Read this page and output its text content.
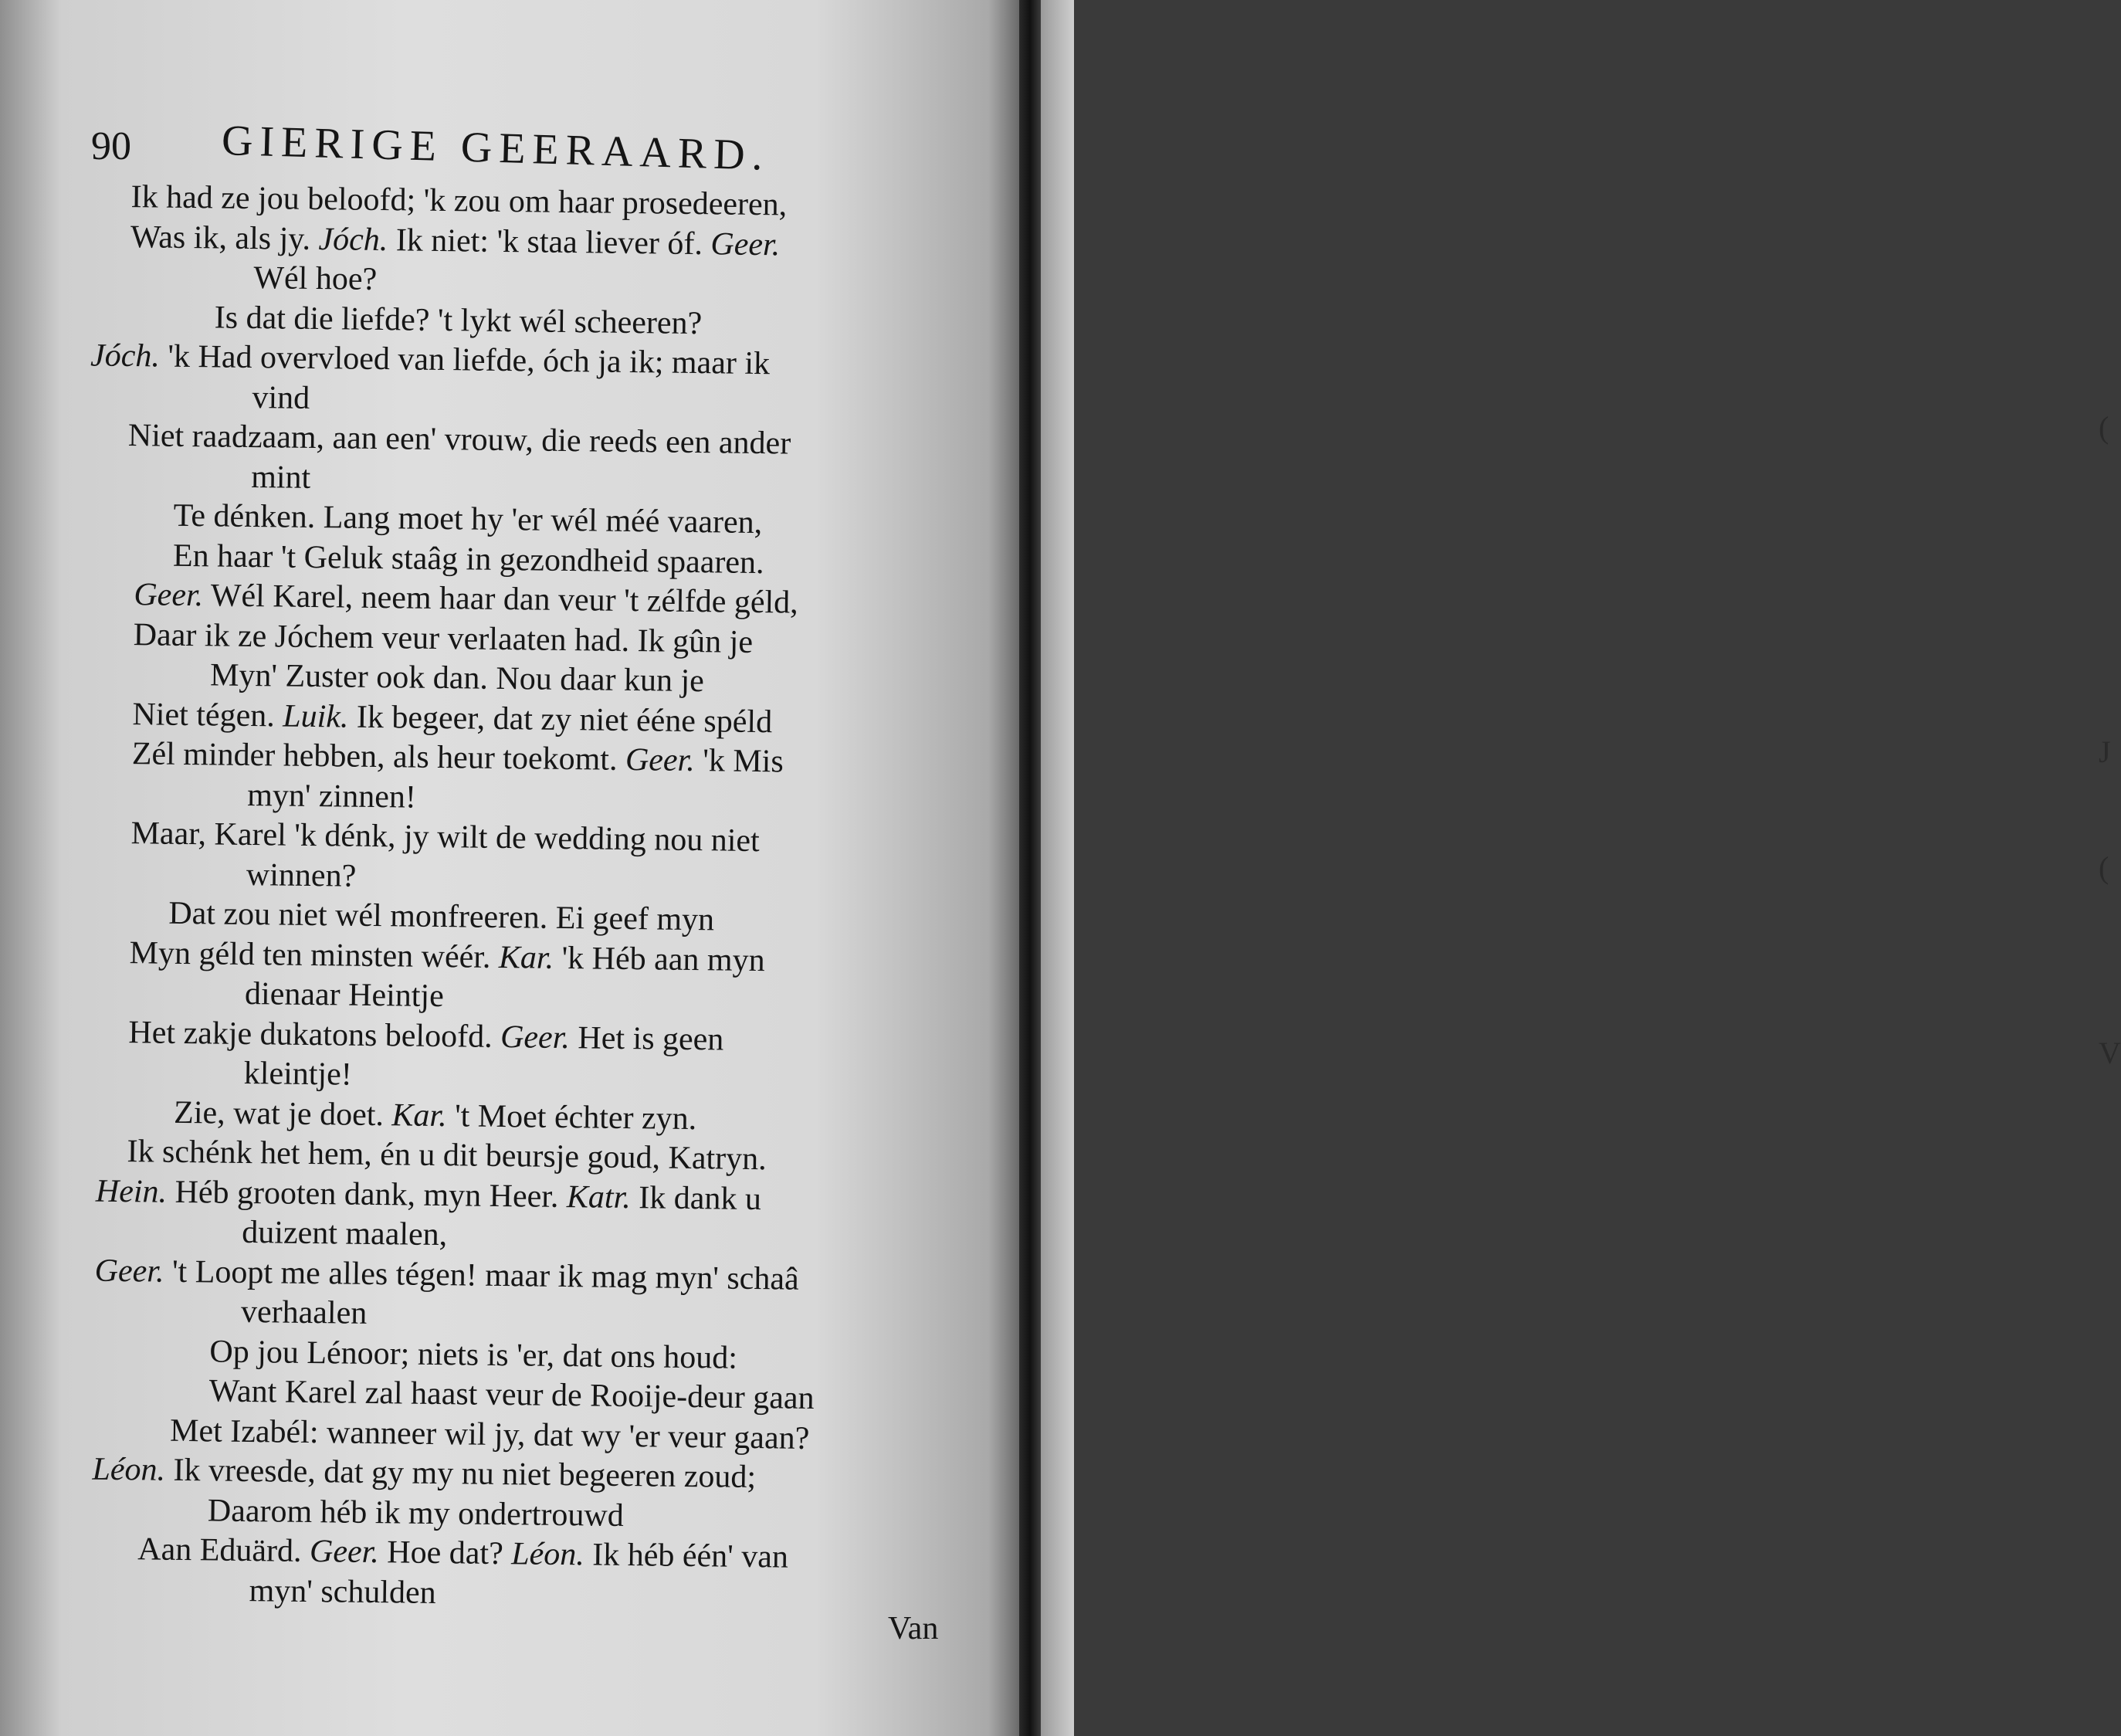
90 GIERIGE GEERAARD.
Ik had ze jou beloofd; 'k zou om haar prosedeeren,
Was ik, als jy. Jóch. Ik niet: 'k staa liever óf. Geer.
Wél hoe?
Is dat die liefde? 't lykt wél scheeren?
Jóch. 'k Had overvloed van liefde, óch ja ik; maar ik
vind
Niet raadzaam, aan een' vrouw, die reeds een ander
mint
Te dénken. Lang moet hy 'er wél méé vaaren,
En haar 't Geluk staâg in gezondheid spaaren.
Geer. Wél Karel, neem haar dan veur 't zélfde géld,
Daar ik ze Jóchem veur verlaaten had. Ik gûn je
Myn' Zuster ook dan. Nou daar kun je
Niet tégen. Luik. Ik begeer, dat zy niet ééne spéld
Zél minder hebben, als heur toekomt. Geer. 'k Mis
myn' zinnen!
Maar, Karel 'k dénk, jy wilt de wedding nou niet
winnen?
Dat zou niet wél monfreeren. Ei geef myn
Myn géld ten minsten wéér. Kar. 'k Héb aan myn
dienaar Heintje
Het zakje dukatons beloofd. Geer. Het is geen
kleintje!
Zie, wat je doet. Kar. 't Moet échter zyn.
Ik schénk het hem, én u dit beursje goud, Katryn.
Hein. Héb grooten dank, myn Heer. Katr. Ik dank u
duizent maalen,
Geer. 't Loopt me alles tégen! maar ik mag myn' schaâ
verhaalen
Op jou Lénoor; niets is 'er, dat ons houd:
Want Karel zal haast veur de Rooije-deur gaan
Met Izabél: wanneer wil jy, dat wy 'er veur gaan?
Léon. Ik vreesde, dat gy my nu niet begeeren zoud;
Daarom héb ik my ondertrouwd
Aan Eduärd. Geer. Hoe dat? Léon. Ik héb één' van
myn' schulden
Van
(
J
(
V
